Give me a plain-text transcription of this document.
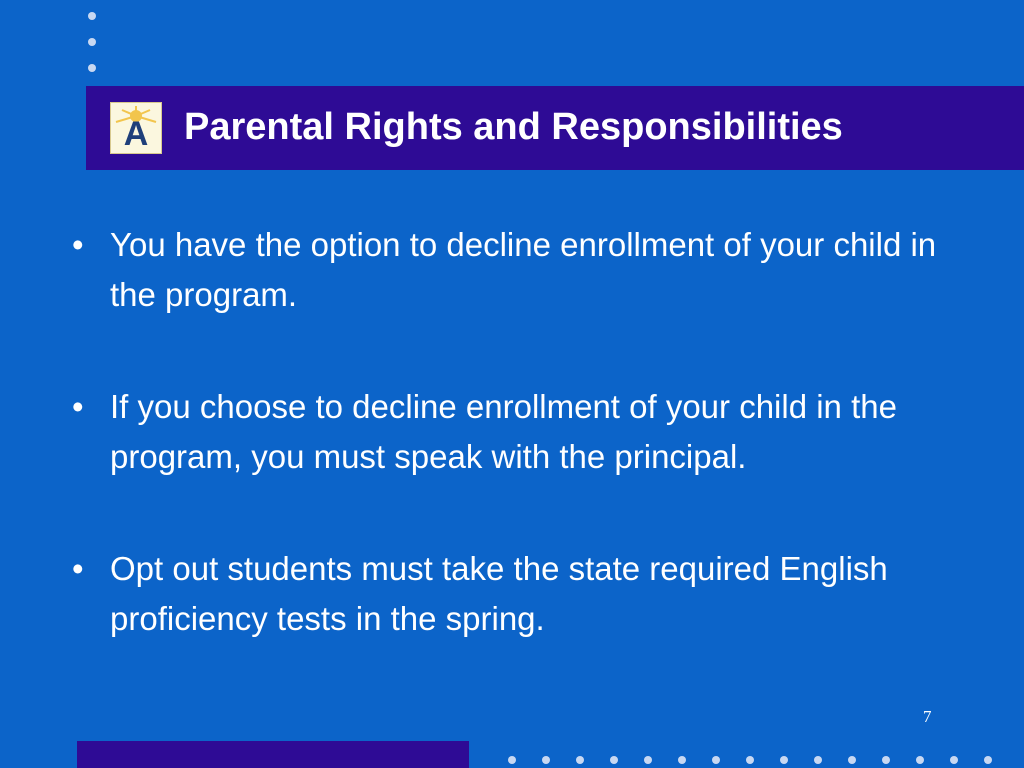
A Parental Rights and Responsibilities
• You have the option to decline enrollment of your child in the program.
• If you choose to decline enrollment of your child in the program, you must speak with the principal.
• Opt out students must take the state required English proficiency tests in the spring.
7
